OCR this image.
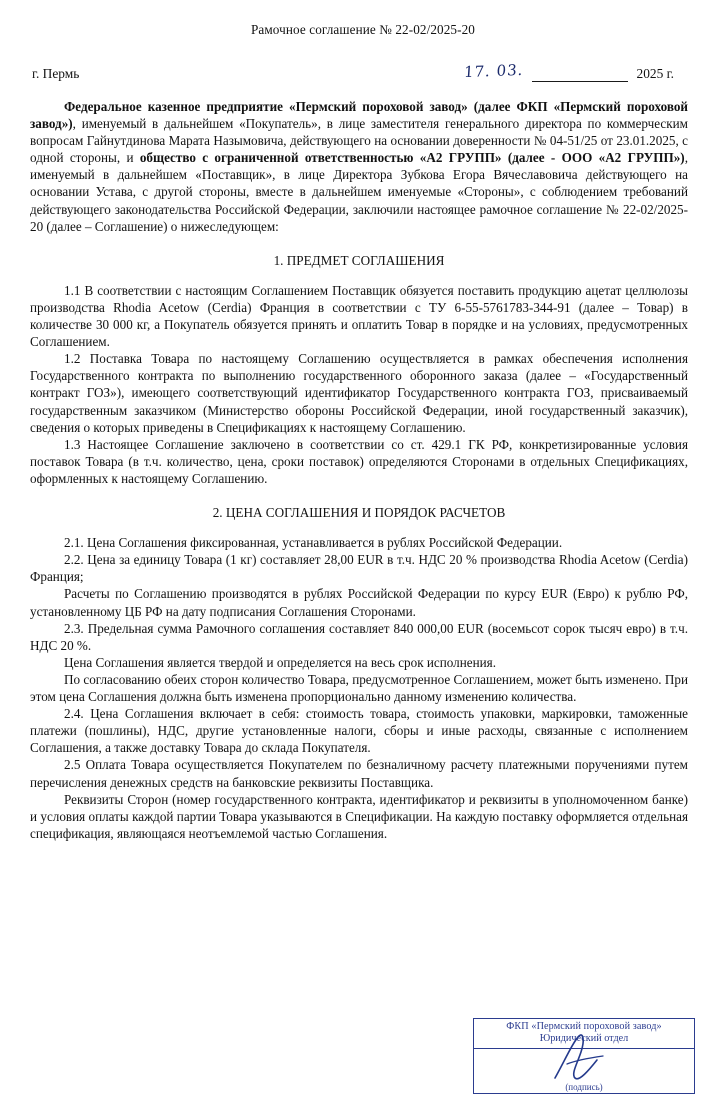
Рамочное соглашение № 22-02/2025-20
г. Пермь	17. 03.	2025 г.

Федеральное казенное предприятие «Пермский пороховой завод» (далее ФКП «Пермский пороховой завод»), именуемый в дальнейшем «Покупатель», в лице заместителя генерального директора по коммерческим вопросам Гайнутдинова Марата Назымовича, действующего на основании доверенности № 04-51/25 от 23.01.2025, с одной стороны, и общество с ограниченной ответственностью «А2 ГРУПП» (далее - ООО «А2 ГРУПП»), именуемый в дальнейшем «Поставщик», в лице Директора Зубкова Егора Вячеславовича действующего на основании Устава, с другой стороны, вместе в дальнейшем именуемые «Стороны», с соблюдением требований действующего законодательства Российской Федерации, заключили настоящее рамочное соглашение № 22-02/2025- 20 (далее – Соглашение) о нижеследующем:

1. ПРЕДМЕТ СОГЛАШЕНИЯ

1.1 В соответствии с настоящим Соглашением Поставщик обязуется поставить продукцию ацетат целлюлозы производства Rhodia Acetow (Cerdia) Франция в соответствии с ТУ 6-55-5761783-344-91 (далее – Товар) в количестве 30 000 кг, а Покупатель обязуется принять и оплатить Товар в порядке и на условиях, предусмотренных Соглашением.

1.2 Поставка Товара по настоящему Соглашению осуществляется в рамках обеспечения исполнения Государственного контракта по выполнению государственного оборонного заказа (далее – «Государственный контракт ГОЗ»), имеющего соответствующий идентификатор Государственного контракта ГОЗ, присваиваемый государственным заказчиком (Министерство обороны Российской Федерации, иной государственный заказчик), сведения о которых приведены в Спецификациях к настоящему Соглашению.

1.3 Настоящее Соглашение заключено в соответствии со ст. 429.1 ГК РФ, конкретизированные условия поставок Товара (в т.ч. количество, цена, сроки поставок) определяются Сторонами в отдельных Спецификациях, оформленных к настоящему Соглашению.

2. ЦЕНА СОГЛАШЕНИЯ И ПОРЯДОК РАСЧЕТОВ

2.1. Цена Соглашения фиксированная, устанавливается в рублях Российской Федерации.

2.2. Цена за единицу Товара (1 кг) составляет 28,00 EUR в т.ч. НДС 20 % производства Rhodia Acetow (Cerdia) Франция;

Расчеты по Соглашению производятся в рублях Российской Федерации по курсу EUR (Евро) к рублю РФ, установленному ЦБ РФ на дату подписания Соглашения Сторонами.

2.3. Предельная сумма Рамочного соглашения составляет 840 000,00 EUR (восемьсот сорок тысяч евро) в т.ч. НДС 20 %.

Цена Соглашения является твердой и определяется на весь срок исполнения.

По согласованию обеих сторон количество Товара, предусмотренное Соглашением, может быть изменено. При этом цена Соглашения должна быть изменена пропорционально данному изменению количества.

2.4. Цена Соглашения включает в себя: стоимость товара, стоимость упаковки, маркировки, таможенные платежи (пошлины), НДС, другие установленные налоги, сборы и иные расходы, связанные с исполнением Соглашения, а также доставку Товара до склада Покупателя.

2.5 Оплата Товара осуществляется Покупателем по безналичному расчету платежными поручениями путем перечисления денежных средств на банковские реквизиты Поставщика.

Реквизиты Сторон (номер государственного контракта, идентификатор и реквизиты в уполномоченном банке) и условия оплаты каждой партии Товара указываются в Спецификации. На каждую поставку оформляется отдельная спецификация, являющаяся неотъемлемой частью Соглашения.

ФКП «Пермский пороховой завод»
Юридический отдел
(подпись)
